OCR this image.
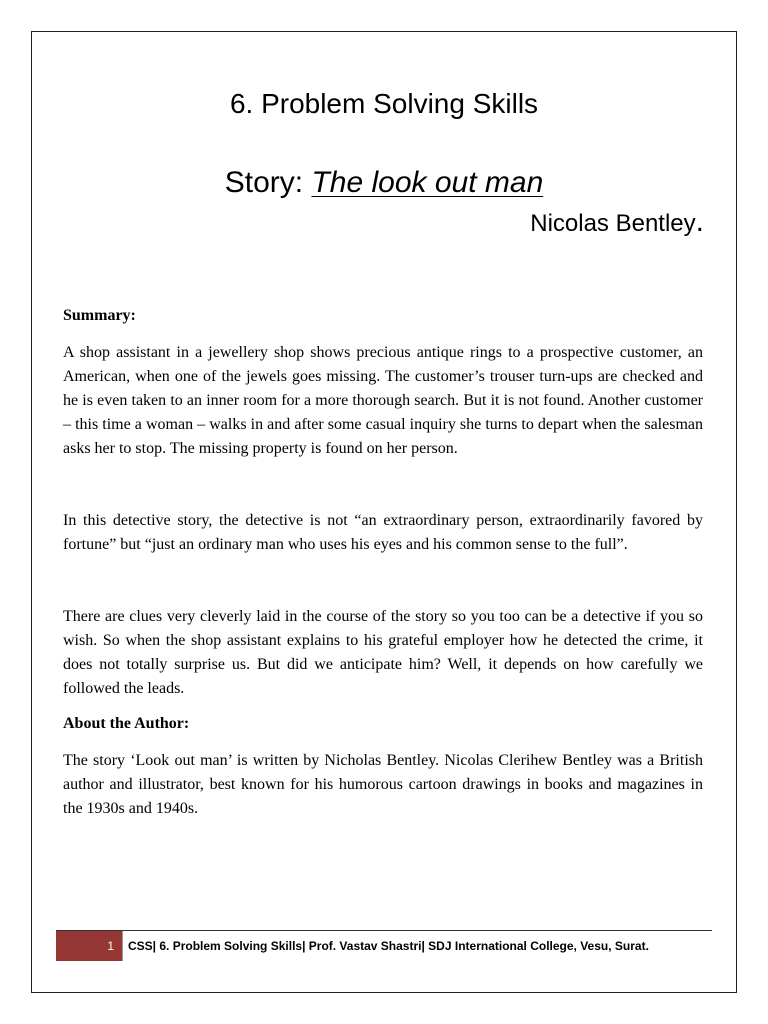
6. Problem Solving Skills
Story: The look out man
Nicolas Bentley.

Summary:

A shop assistant in a jewellery shop shows precious antique rings to a prospective customer, an American, when one of the jewels goes missing. The customer’s trouser turn-ups are checked and he is even taken to an inner room for a more thorough search. But it is not found. Another customer – this time a woman – walks in and after some casual inquiry she turns to depart when the salesman asks her to stop. The missing property is found on her person.

In this detective story, the detective is not “an extraordinary person, extraordinarily favored by fortune” but “just an ordinary man who uses his eyes and his common sense to the full”.

There are clues very cleverly laid in the course of the story so you too can be a detective if you so wish. So when the shop assistant explains to his grateful employer how he detected the crime, it does not totally surprise us. But did we anticipate him? Well, it depends on how carefully we followed the leads.

About the Author:

The story ‘Look out man’ is written by Nicholas Bentley. Nicolas Clerihew Bentley was a British author and illustrator, best known for his humorous cartoon drawings in books and magazines in the 1930s and 1940s.

1	CSS| 6. Problem Solving Skills| Prof. Vastav Shastri| SDJ International College, Vesu, Surat.
